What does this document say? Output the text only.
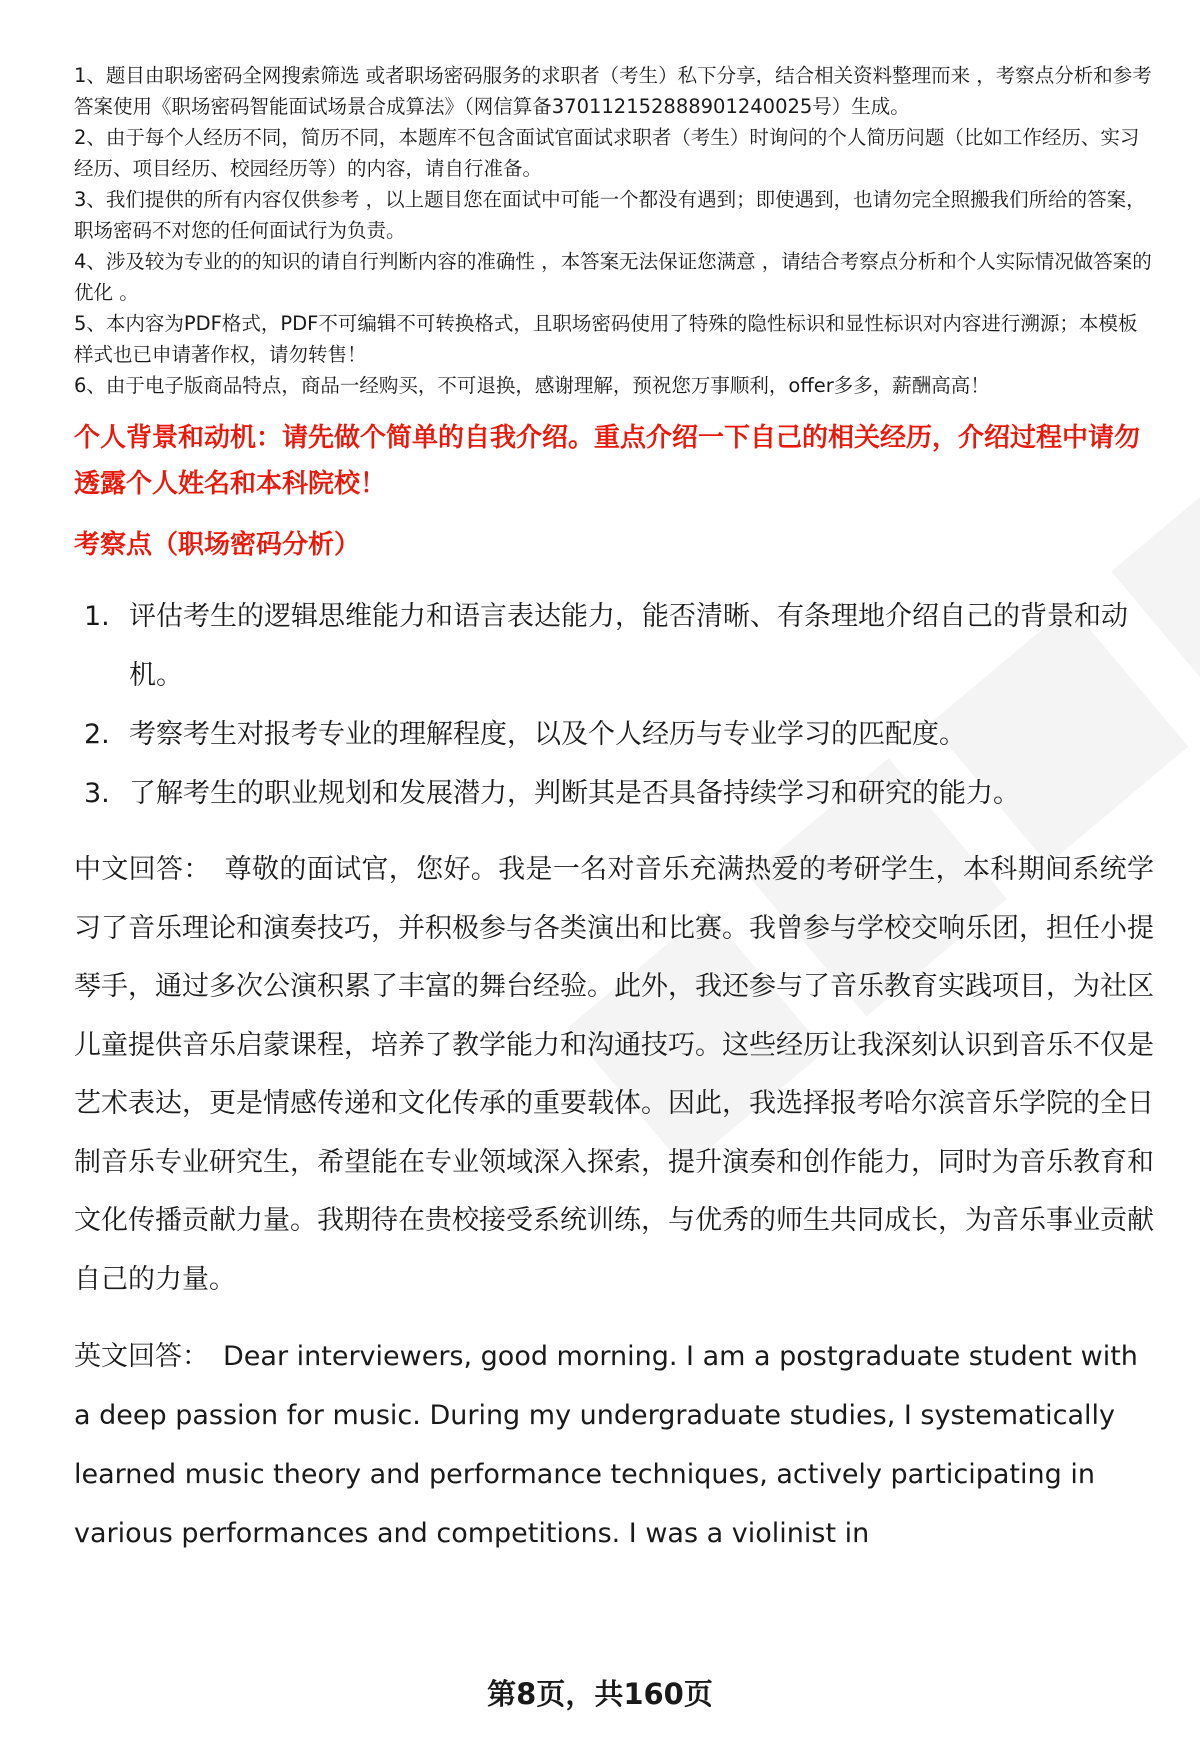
1、题目由职场密码全网搜索筛选 或者职场密码服务的求职者（考生）私下分享，结合相关资料整理而来 ，考察点分析和参考答案使用《职场密码智能面试场景合成算法》（网信算备370112152888901240025号）生成。
2、由于每个人经历不同，简历不同，本题库不包含面试官面试求职者（考生）时询问的个人简历问题（比如工作经历、实习经历、项目经历、校园经历等）的内容，请自行准备。
3、我们提供的所有内容仅供参考 ，以上题目您在面试中可能一个都没有遇到；即使遇到，也请勿完全照搬我们所给的答案，职场密码不对您的任何面试行为负责。
4、涉及较为专业的的知识的请自行判断内容的准确性 ，本答案无法保证您满意 ，请结合考察点分析和个人实际情况做答案的优化 。
5、本内容为PDF格式，PDF不可编辑不可转换格式，且职场密码使用了特殊的隐性标识和显性标识对内容进行溯源；本模板样式也已申请著作权，请勿转售！
6、由于电子版商品特点，商品一经购买，不可退换，感谢理解，预祝您万事顺利，offer多多，薪酬高高！
个人背景和动机：请先做个简单的自我介绍。重点介绍一下自己的相关经历，介绍过程中请勿透露个人姓名和本科院校！
考察点（职场密码分析）
1. 评估考生的逻辑思维能力和语言表达能力，能否清晰、有条理地介绍自己的背景和动机。
2. 考察考生对报考专业的理解程度，以及个人经历与专业学习的匹配度。
3. 了解考生的职业规划和发展潜力，判断其是否具备持续学习和研究的能力。
中文回答： 尊敬的面试官，您好。我是一名对音乐充满热爱的考研学生，本科期间系统学习了音乐理论和演奏技巧，并积极参与各类演出和比赛。我曾参与学校交响乐团，担任小提琴手，通过多次公演积累了丰富的舞台经验。此外，我还参与了音乐教育实践项目，为社区儿童提供音乐启蒙课程，培养了教学能力和沟通技巧。这些经历让我深刻认识到音乐不仅是艺术表达，更是情感传递和文化传承的重要载体。因此，我选择报考哈尔滨音乐学院的全日制音乐专业研究生，希望能在专业领域深入探索，提升演奏和创作能力，同时为音乐教育和文化传播贡献力量。我期待在贵校接受系统训练，与优秀的师生共同成长，为音乐事业贡献自己的力量。
英文回答： Dear interviewers, good morning. I am a postgraduate student with a deep passion for music. During my undergraduate studies, I systematically learned music theory and performance techniques, actively participating in various performances and competitions. I was a violinist in
第8页，共160页
